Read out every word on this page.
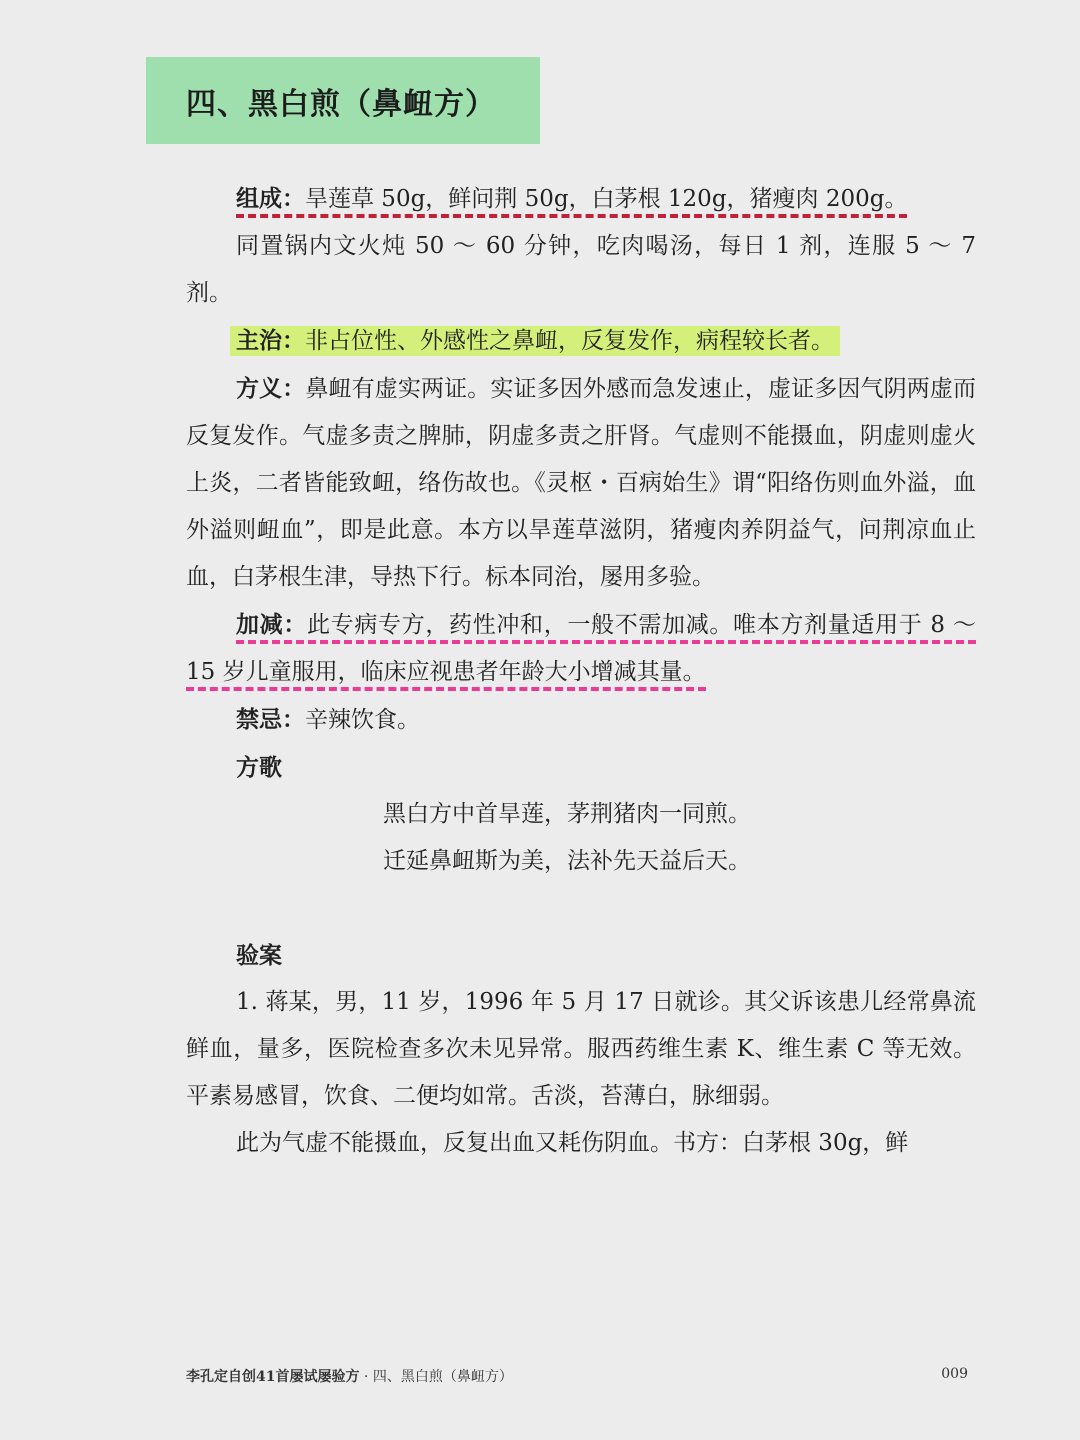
四、黑白煎（鼻衄方）

组成：旱莲草 50g，鲜问荆 50g，白茅根 120g，猪瘦肉 200g。

同置锅内文火炖 50 ～ 60 分钟，吃肉喝汤，每日 1 剂，连服 5 ～ 7 剂。

主治：非占位性、外感性之鼻衄，反复发作，病程较长者。

方义：鼻衄有虚实两证。实证多因外感而急发速止，虚证多因气阴两虚而反复发作。气虚多责之脾肺，阴虚多责之肝肾。气虚则不能摄血，阴虚则虚火上炎，二者皆能致衄，络伤故也。《灵枢・百病始生》谓“阳络伤则血外溢，血外溢则衄血”，即是此意。本方以旱莲草滋阴，猪瘦肉养阴益气，问荆凉血止血，白茅根生津，导热下行。标本同治，屡用多验。

加减：此专病专方，药性冲和，一般不需加减。唯本方剂量适用于 8 ～ 15 岁儿童服用，临床应视患者年龄大小增减其量。

禁忌：辛辣饮食。

方歌

黑白方中首旱莲，茅荆猪肉一同煎。

迁延鼻衄斯为美，法补先天益后天。

验案

1. 蒋某，男，11 岁，1996 年 5 月 17 日就诊。其父诉该患儿经常鼻流鲜血，量多，医院检查多次未见异常。服西药维生素 K、维生素 C 等无效。平素易感冒，饮食、二便均如常。舌淡，苔薄白，脉细弱。

此为气虚不能摄血，反复出血又耗伤阴血。书方：白茅根 30g，鲜

李孔定自创41首屡试屡验方 · 四、黑白煎（鼻衄方）	009
